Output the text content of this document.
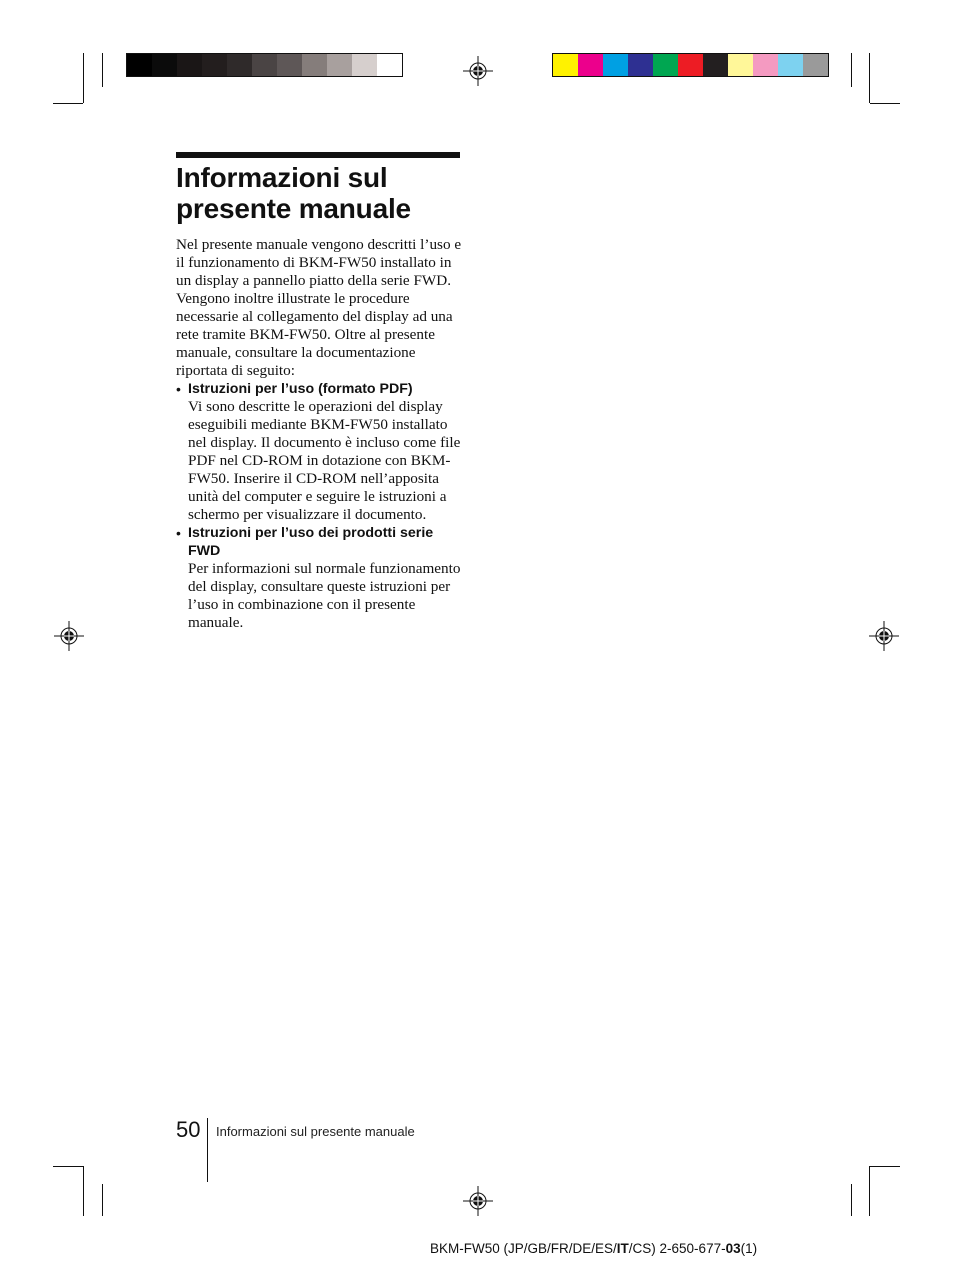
Informazioni sul
presente manuale

Nel presente manuale vengono descritti l’uso e il funzionamento di BKM-FW50 installato in un display a pannello piatto della serie FWD. Vengono inoltre illustrate le procedure necessarie al collegamento del display ad una rete tramite BKM-FW50. Oltre al presente manuale, consultare la documentazione riportata di seguito:

• Istruzioni per l’uso (formato PDF)
Vi sono descritte le operazioni del display eseguibili mediante BKM-FW50 installato nel display. Il documento è incluso come file PDF nel CD-ROM in dotazione con BKM-FW50. Inserire il CD-ROM nell’apposita unità del computer e seguire le istruzioni a schermo per visualizzare il documento.
• Istruzioni per l’uso dei prodotti serie FWD
Per informazioni sul normale funzionamento del display, consultare queste istruzioni per l’uso in combinazione con il presente manuale.
50 Informazioni sul presente manuale
BKM-FW50 (JP/GB/FR/DE/ES/IT/CS) 2-650-677-03(1)
